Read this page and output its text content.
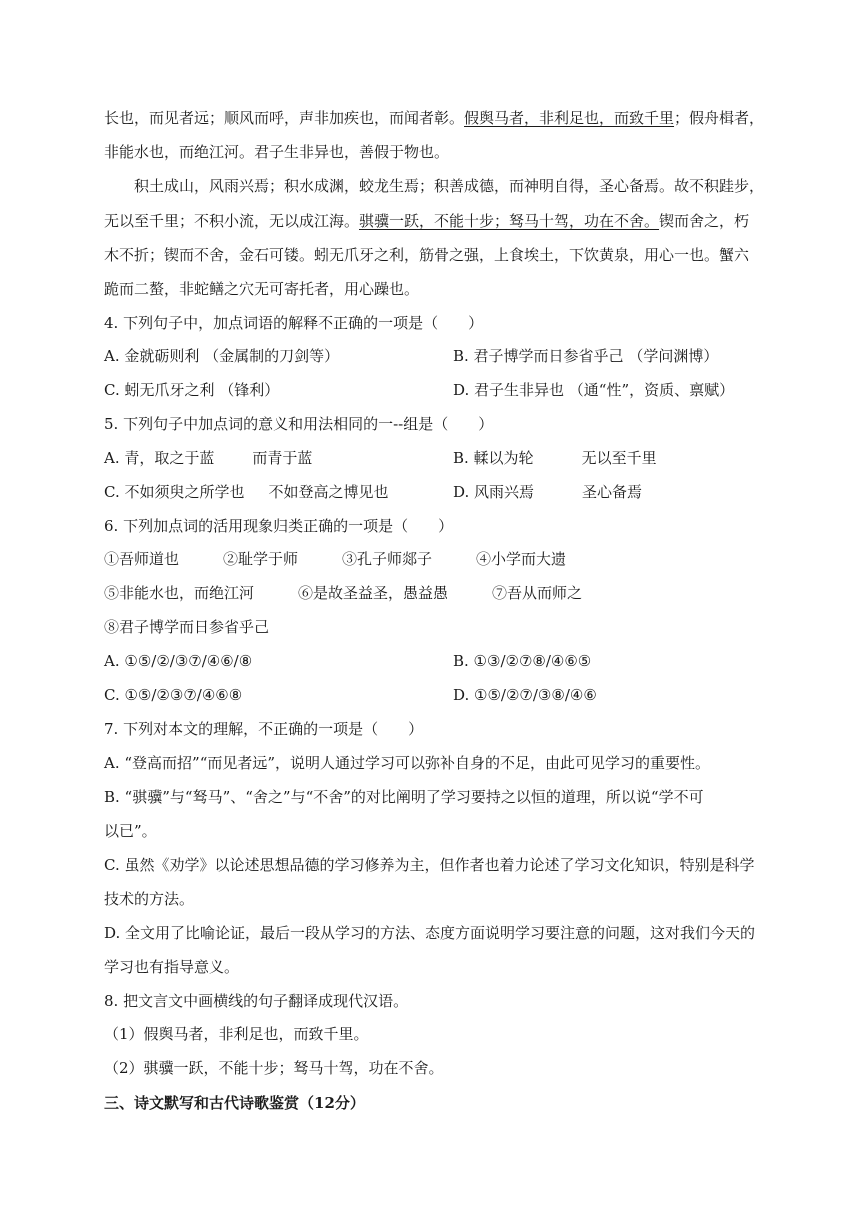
长也，而见者远；顺风而呼，声非加疾也，而闻者彰。假舆马者，非利足也，而致千里；假舟楫者，
非能水也，而绝江河。君子生非异也，善假于物也。
积土成山，风雨兴焉；积水成渊，蛟龙生焉；积善成德，而神明自得，圣心备焉。故不积跬步，
无以至千里；不积小流，无以成江海。骐骥一跃，不能十步；驽马十驾，功在不舍。锲而舍之，朽
木不折；锲而不舍，金石可镂。蚓无爪牙之利，筋骨之强，上食埃土，下饮黄泉，用心一也。蟹六
跪而二螯，非蛇鳝之穴无可寄托者，用心躁也。
4. 下列句子中，加点词语的解释不正确的一项是（　　）
A. 金就砺则利 （金属制的刀剑等）	B. 君子博学而日参省乎己 （学问渊博）
C. 蚓无爪牙之利 （锋利）	D. 君子生非异也 （通“性”，资质、禀赋）
5. 下列句子中加点词的意义和用法相同的一--组是（　　）
A. 青，取之于蓝	而青于蓝	B. 輮以为轮	无以至千里
C. 不如须臾之所学也 不如登高之博见也	D. 风雨兴焉	圣心备焉
6. 下列加点词的活用现象归类正确的一项是（　　）
①吾师道也	②耻学于师	③孔子师郯子	④小学而大遗
⑤非能水也，而绝江河	⑥是故圣益圣，愚益愚	⑦吾从而师之
⑧君子博学而日参省乎己
A. ①⑤/②/③⑦/④⑥/⑧	B. ①③/②⑦⑧/④⑥⑤
C. ①⑤/②③⑦/④⑥⑧	D. ①⑤/②⑦/③⑧/④⑥
7. 下列对本文的理解，不正确的一项是（　　）
A. “登高而招”“而见者远”，说明人通过学习可以弥补自身的不足，由此可见学习的重要性。
B. “骐骥”与“驽马”、“舍之”与“不舍”的对比阐明了学习要持之以恒的道理，所以说“学不可
以已”。
C. 虽然《劝学》以论述思想品德的学习修养为主，但作者也着力论述了学习文化知识，特别是科学
技术的方法。
D. 全文用了比喻论证，最后一段从学习的方法、态度方面说明学习要注意的问题，这对我们今天的
学习也有指导意义。
8. 把文言文中画横线的句子翻译成现代汉语。
（1）假舆马者，非利足也，而致千里。
（2）骐骥一跃，不能十步；驽马十驾，功在不舍。
三、诗文默写和古代诗歌鉴赏（12分）
